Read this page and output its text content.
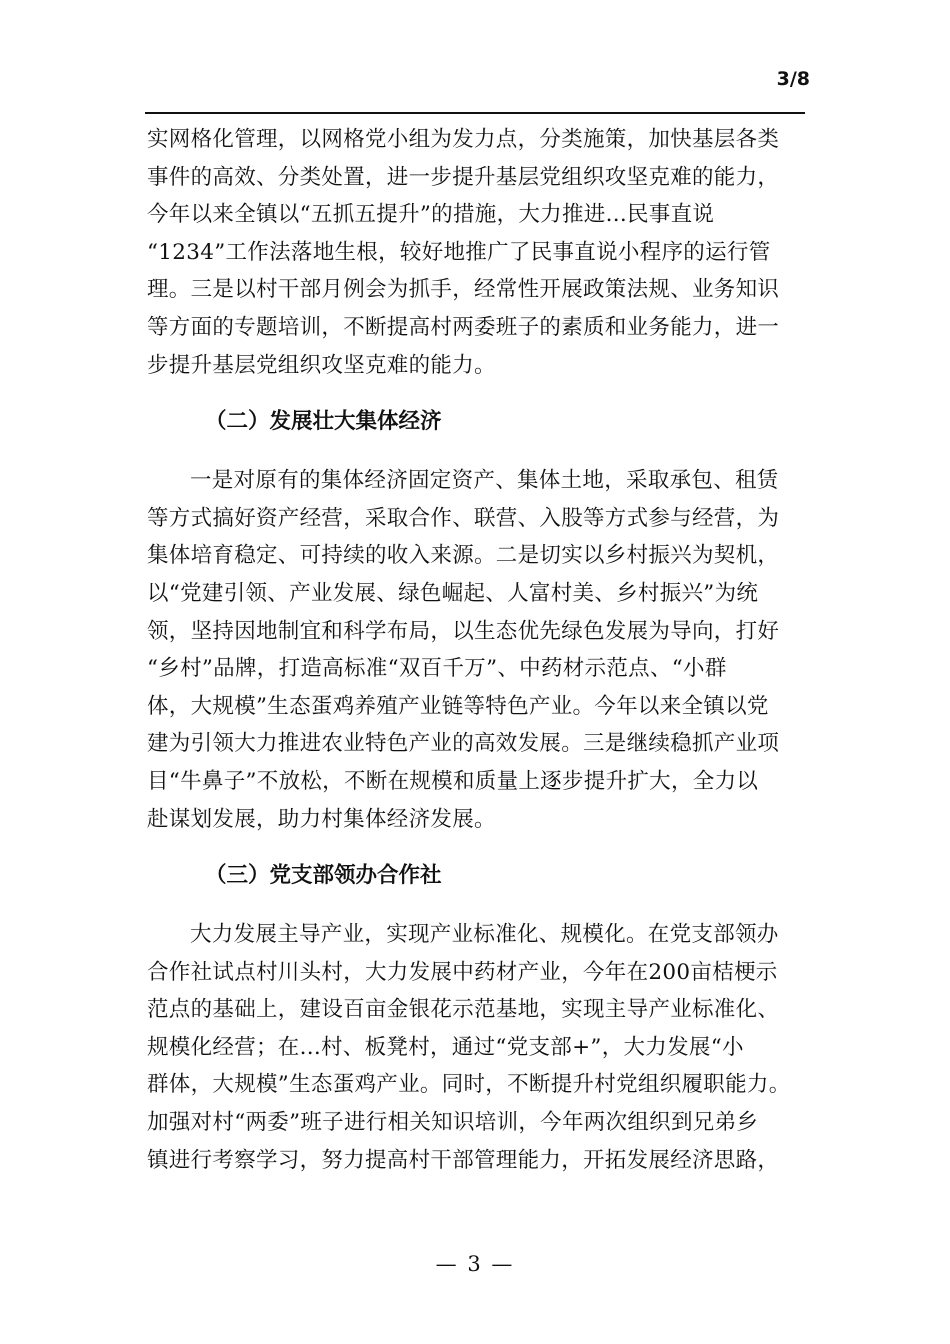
3/8
实网格化管理，以网格党小组为发力点，分类施策，加快基层各类
事件的高效、分类处置，进一步提升基层党组织攻坚克难的能力，
今年以来全镇以“五抓五提升”的措施，大力推进...民事直说
“1234”工作法落地生根，较好地推广了民事直说小程序的运行管
理。三是以村干部月例会为抓手，经常性开展政策法规、业务知识
等方面的专题培训，不断提高村两委班子的素质和业务能力，进一
步提升基层党组织攻坚克难的能力。
（二）发展壮大集体经济
一是对原有的集体经济固定资产、集体土地，采取承包、租赁
等方式搞好资产经营，采取合作、联营、入股等方式参与经营，为
集体培育稳定、可持续的收入来源。二是切实以乡村振兴为契机，
以“党建引领、产业发展、绿色崛起、人富村美、乡村振兴”为统
领，坚持因地制宜和科学布局，以生态优先绿色发展为导向，打好
“乡村”品牌，打造高标准“双百千万”、中药材示范点、“小群
体，大规模”生态蛋鸡养殖产业链等特色产业。今年以来全镇以党
建为引领大力推进农业特色产业的高效发展。三是继续稳抓产业项
目“牛鼻子”不放松，不断在规模和质量上逐步提升扩大，全力以
赴谋划发展，助力村集体经济发展。
（三）党支部领办合作社
大力发展主导产业，实现产业标准化、规模化。在党支部领办
合作社试点村川头村，大力发展中药材产业，今年在200亩桔梗示
范点的基础上，建设百亩金银花示范基地，实现主导产业标准化、
规模化经营；在...村、板凳村，通过“党支部+”，大力发展“小
群体，大规模”生态蛋鸡产业。同时，不断提升村党组织履职能力。
加强对村“两委”班子进行相关知识培训，今年两次组织到兄弟乡
镇进行考察学习，努力提高村干部管理能力，开拓发展经济思路，
— 3 —
